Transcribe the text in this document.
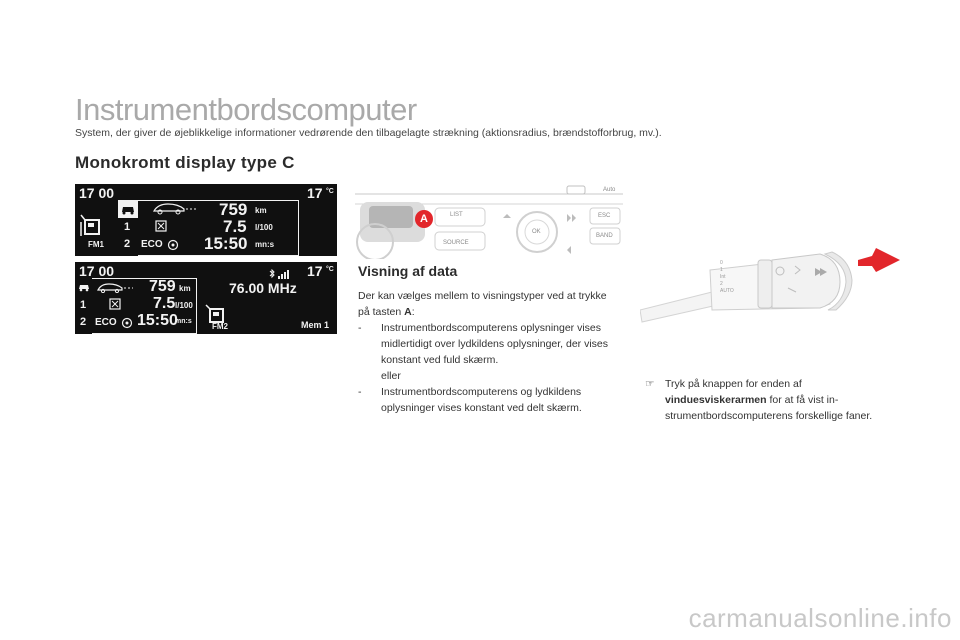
Instrumentbordscomputer
System, der giver de øjeblikkelige informationer vedrørende den tilbagelagte strækning (aktionsradius, brændstofforbrug, mv.).
Monokromt display type C
17 00	17 °C
FM1
1
2
759 km
7.5 l/100
ECO 15:50 mn:s
17 00	17 °C
1
2
759 km
7.5 l/100
ECO 15:50
mn:s
76.00 MHz
FM2	Mem 1
A	LIST
SOURCE
OK
ESC
BAND
Auto
0
1
Int
2
AUTO
Visning af data
Der kan vælges mellem to visningstyper ved at trykke på tasten A:
- Instrumentbordscomputerens oplysninger vises midlertidigt over lydkildens oplysninger, der vises konstant ved fuld skærm.
eller
- Instrumentbordscomputerens og lydkildens oplysninger vises konstant ved delt skærm.
☞	Tryk på knappen for enden af vinduesviskerarmen for at få vist in-strumentbordscomputerens forskellige faner.
carmanualsonline.info
